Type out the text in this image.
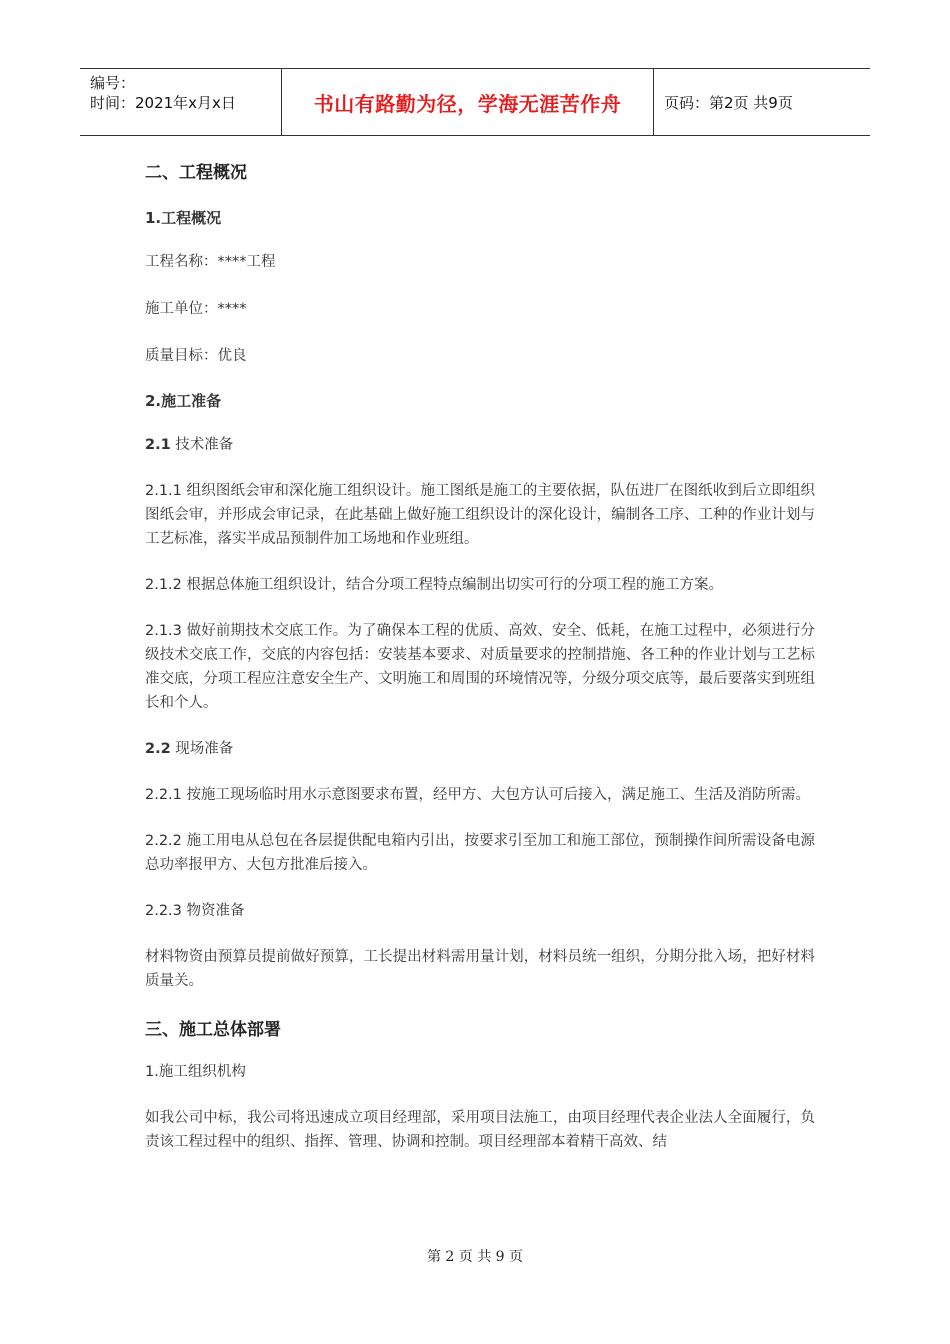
编号：
时间：2021年x月x日	书山有路勤为径，学海无涯苦作舟	页码：第2页 共9页
二、工程概况
1.工程概况
工程名称：****工程
施工单位：****
质量目标：优良
2.施工准备
2.1 技术准备
2.1.1 组织图纸会审和深化施工组织设计。施工图纸是施工的主要依据，队伍进厂在图纸收到后立即组织图纸会审，并形成会审记录，在此基础上做好施工组织设计的深化设计，编制各工序、工种的作业计划与工艺标准，落实半成品预制件加工场地和作业班组。
2.1.2 根据总体施工组织设计，结合分项工程特点编制出切实可行的分项工程的施工方案。
2.1.3 做好前期技术交底工作。为了确保本工程的优质、高效、安全、低耗，在施工过程中，必须进行分级技术交底工作，交底的内容包括：安装基本要求、对质量要求的控制措施、各工种的作业计划与工艺标准交底，分项工程应注意安全生产、文明施工和周围的环境情况等，分级分项交底等，最后要落实到班组长和个人。
2.2 现场准备
2.2.1 按施工现场临时用水示意图要求布置，经甲方、大包方认可后接入，满足施工、生活及消防所需。
2.2.2 施工用电从总包在各层提供配电箱内引出，按要求引至加工和施工部位，预制操作间所需设备电源总功率报甲方、大包方批准后接入。
2.2.3 物资准备
材料物资由预算员提前做好预算，工长提出材料需用量计划，材料员统一组织，分期分批入场，把好材料质量关。
三、施工总体部署
1.施工组织机构
如我公司中标，我公司将迅速成立项目经理部，采用项目法施工，由项目经理代表企业法人全面履行，负责该工程过程中的组织、指挥、管理、协调和控制。项目经理部本着精干高效、结
第 2 页 共 9 页
